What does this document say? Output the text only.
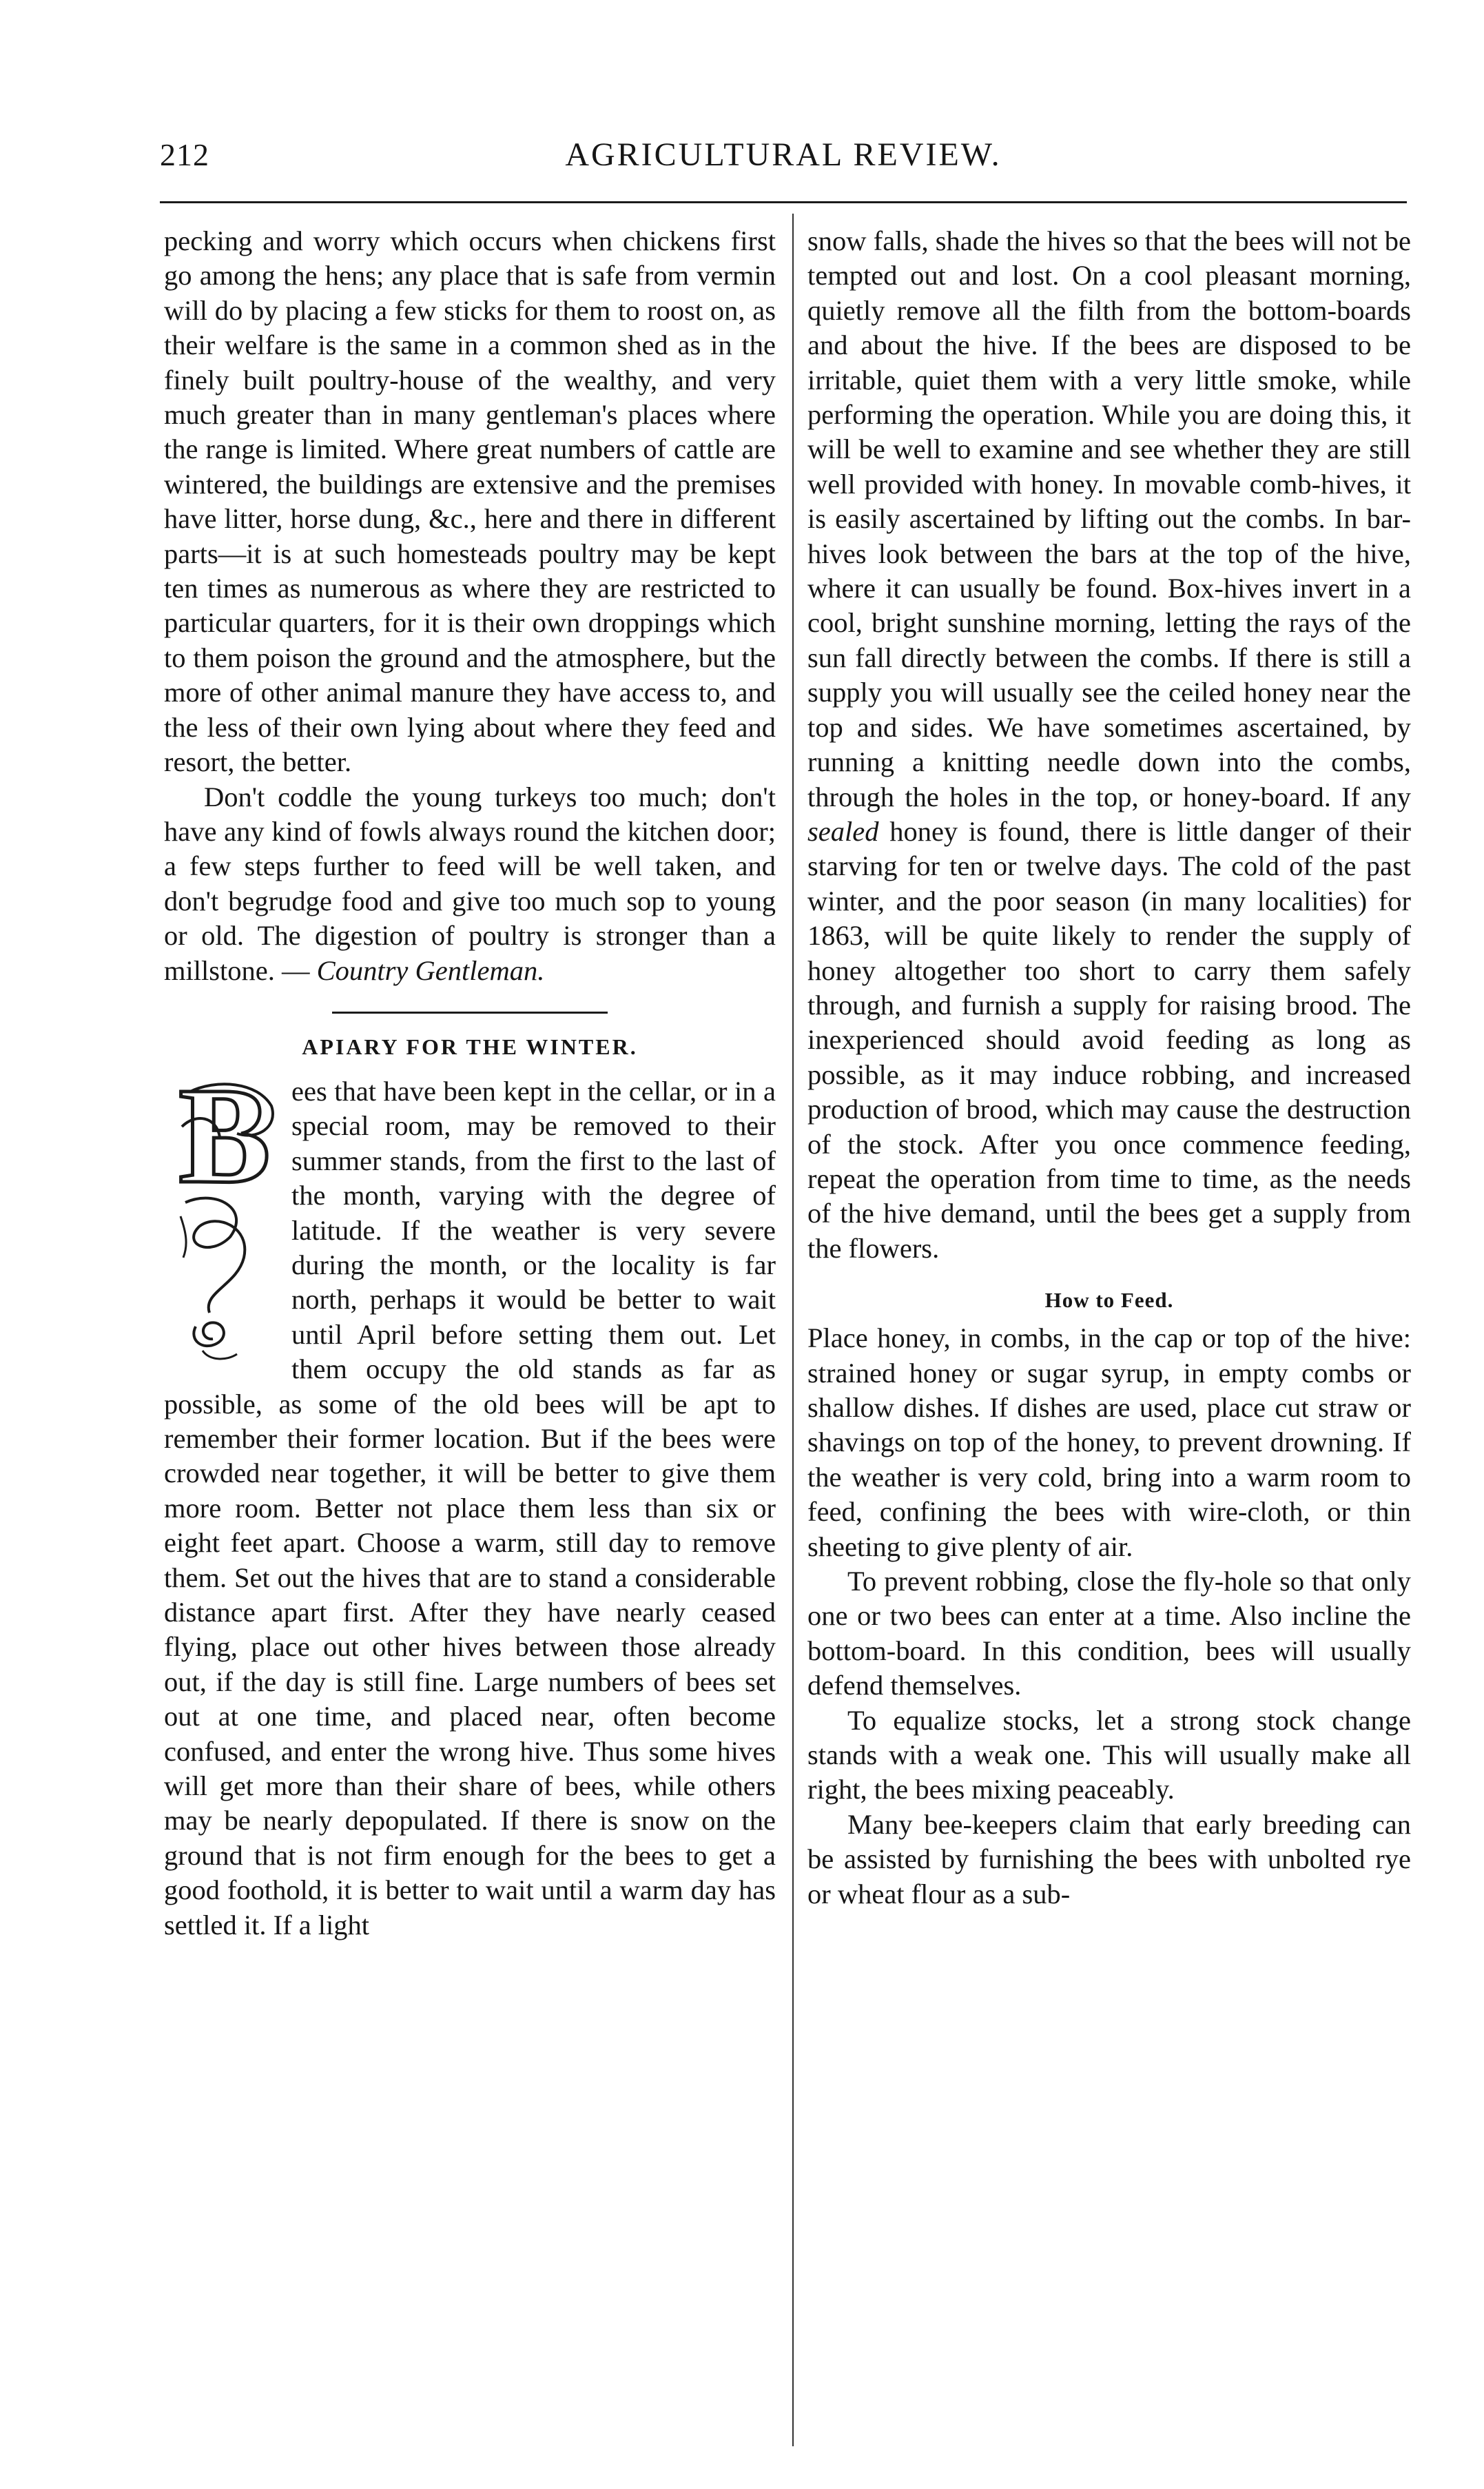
212	AGRICULTURAL REVIEW.

pecking and worry which occurs when chickens first go among the hens; any place that is safe from vermin will do by placing a few sticks for them to roost on, as their welfare is the same in a common shed as in the finely built poultry-house of the wealthy, and very much greater than in many gentleman's places where the range is limited. Where great numbers of cattle are wintered, the buildings are extensive and the premises have litter, horse dung, &c., here and there in different parts—it is at such homesteads poultry may be kept ten times as numerous as where they are restricted to particular quarters, for it is their own droppings which to them poison the ground and the atmosphere, but the more of other animal manure they have access to, and the less of their own lying about where they feed and resort, the better.

Don't coddle the young turkeys too much; don't have any kind of fowls always round the kitchen door; a few steps further to feed will be well taken, and don't begrudge food and give too much sop to young or old. The digestion of poultry is stronger than a millstone. — Country Gentleman.

APIARY FOR THE WINTER.

B ees that have been kept in the cellar, or in a special room, may be removed to their summer stands, from the first to the last of the month, varying with the degree of latitude. If the weather is very severe during the month, or the locality is far north, perhaps it would be better to wait until April before setting them out. Let them occupy the old stands as far as possible, as some of the old bees will be apt to remember their former location. But if the bees were crowded near together, it will be better to give them more room. Better not place them less than six or eight feet apart. Choose a warm, still day to remove them. Set out the hives that are to stand a considerable distance apart first. After they have nearly ceased flying, place out other hives between those already out, if the day is still fine. Large numbers of bees set out at one time, and placed near, often become confused, and enter the wrong hive. Thus some hives will get more than their share of bees, while others may be nearly depopulated. If there is snow on the ground that is not firm enough for the bees to get a good foothold, it is better to wait until a warm day has settled it. If a light

snow falls, shade the hives so that the bees will not be tempted out and lost. On a cool pleasant morning, quietly remove all the filth from the bottom-boards and about the hive. If the bees are disposed to be irritable, quiet them with a very little smoke, while performing the operation. While you are doing this, it will be well to examine and see whether they are still well provided with honey. In movable comb-hives, it is easily ascertained by lifting out the combs. In bar-hives look between the bars at the top of the hive, where it can usually be found. Box-hives invert in a cool, bright sunshine morning, letting the rays of the sun fall directly between the combs. If there is still a supply you will usually see the ceiled honey near the top and sides. We have sometimes ascertained, by running a knitting needle down into the combs, through the holes in the top, or honey-board. If any sealed honey is found, there is little danger of their starving for ten or twelve days. The cold of the past winter, and the poor season (in many localities) for 1863, will be quite likely to render the supply of honey altogether too short to carry them safely through, and furnish a supply for raising brood. The inexperienced should avoid feeding as long as possible, as it may induce robbing, and increased production of brood, which may cause the destruction of the stock. After you once commence feeding, repeat the operation from time to time, as the needs of the hive demand, until the bees get a supply from the flowers.

How to Feed.

Place honey, in combs, in the cap or top of the hive: strained honey or sugar syrup, in empty combs or shallow dishes. If dishes are used, place cut straw or shavings on top of the honey, to prevent drowning. If the weather is very cold, bring into a warm room to feed, confining the bees with wire-cloth, or thin sheeting to give plenty of air.

To prevent robbing, close the fly-hole so that only one or two bees can enter at a time. Also incline the bottom-board. In this condition, bees will usually defend themselves.

To equalize stocks, let a strong stock change stands with a weak one. This will usually make all right, the bees mixing peaceably.

Many bee-keepers claim that early breeding can be assisted by furnishing the bees with unbolted rye or wheat flour as a sub-
